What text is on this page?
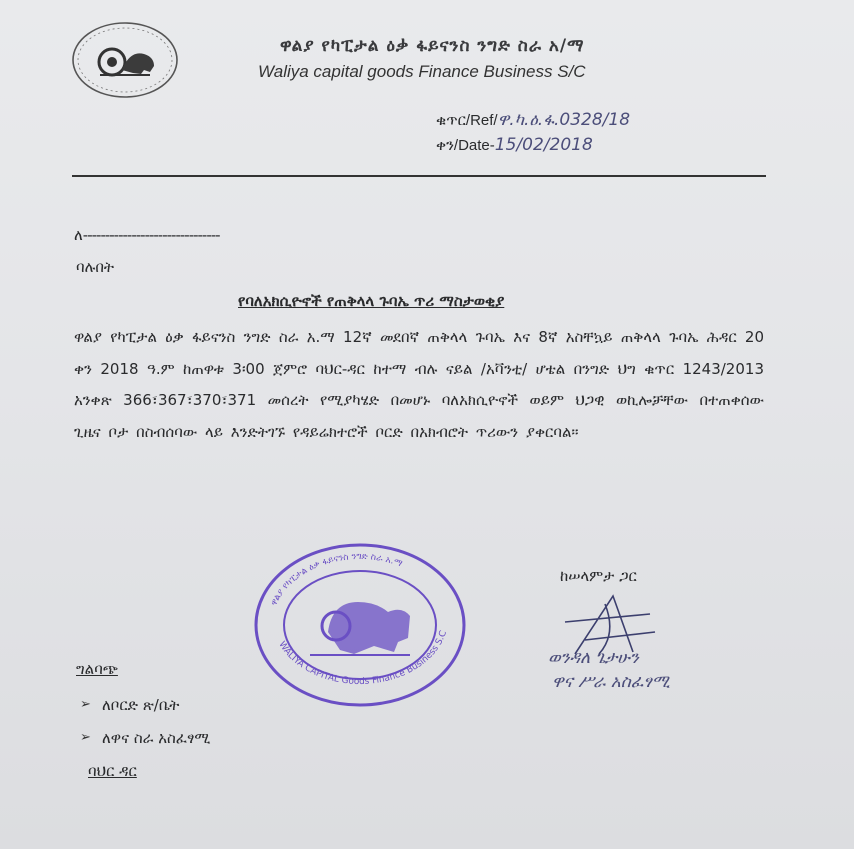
ዋልያ የካፒታል ዕቃ ፋይናንስ ንግድ ስራ አ/ማ
Waliya capital goods Finance Business S/C
ቁጥር/Ref/ዋ.ካ.ዕ.ፋ.0328/18
ቀን/Date-15/02/2018
ለ-------------------------------
ባሉበት
የባለአክሲዮኖች የጠቅላላ ጉባኤ ጥሪ ማስታወቂያ
ዋልያ የካፒታል ዕቃ ፋይናንስ ንግድ ስራ አ.ማ 12ኛ መደበኛ ጠቅላላ ጉባኤ እና 8ኛ አስቸኳይ ጠቅላላ ጉባኤ ሕዳር 20 ቀን 2018 ዓ.ም ከጠዋቱ 3፡00 ጀምሮ ባህር-ዳር ከተማ ብሉ ናይል /አቫንቲ/ ሆቴል በንግድ ህግ ቁጥር 1243/2013 አንቀጽ 366፣367፣370፣371 መሰረት የሚያካሄድ በመሆኑ ባለአክሲዮኖች ወይም ህጋዊ ወኪሎቻቸው በተጠቀሰው ጊዜና ቦታ በስብሰባው ላይ እንድትገኙ የዳይሬክተሮች ቦርድ በአክብሮት ጥሪውን ያቀርባል።
ዋልያ የካፒታል ዕቃ ፋይናንስ ንግድ ስራ አ.ማ
WALIYA CAPITAL Goods Finance Business S.C
ከሠላምታ ጋር
ወንዳለ ጌታሁን
ዋና ሥራ አስፈፃሚ
ግልባጭ
➢ ለቦርድ ጽ/ቤት
➢ ለዋና ስራ አስፈፃሚ
ባህር ዳር
